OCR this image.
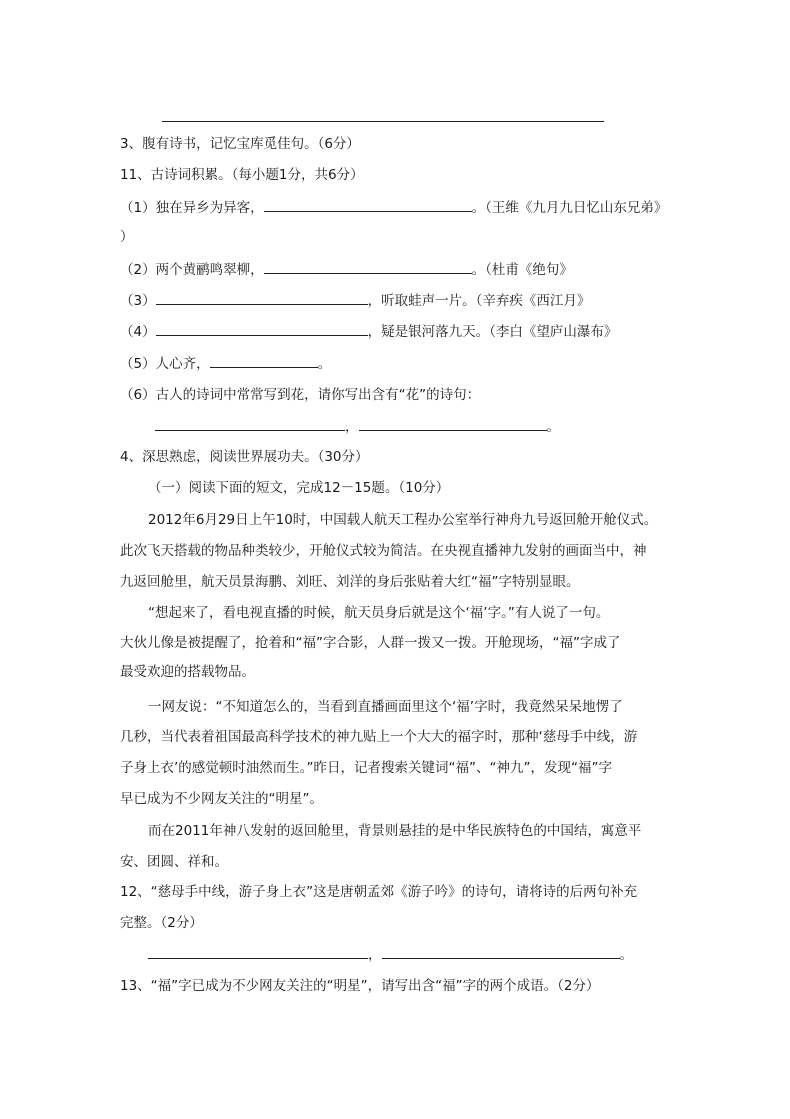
3、腹有诗书，记忆宝库觅佳句。（6分）
11、古诗词积累。（每小题1分，共6分）
（1）独在异乡为异客，	。（王维《九月九日忆山东兄弟》
）
（2）两个黄鹂鸣翠柳，	。（杜甫《绝句》
（3）	，听取蛙声一片。（辛弃疾《西江月》
（4）	，疑是银河落九天。（李白《望庐山瀑布》
（5）人心齐，	。
（6）古人的诗词中常常写到花，请你写出含有“花”的诗句：
，	。
4、深思熟虑，阅读世界展功夫。（30分）
（一）阅读下面的短文，完成12－15题。（10分）
2012年6月29日上午10时，中国载人航天工程办公室举行神舟九号返回舱开舱仪式。
此次飞天搭载的物品种类较少，开舱仪式较为简洁。在央视直播神九发射的画面当中，神
九返回舱里，航天员景海鹏、刘旺、刘洋的身后张贴着大红“福”字特别显眼。
“想起来了，看电视直播的时候，航天员身后就是这个‘福’字。”有人说了一句。
大伙儿像是被提醒了，抢着和“福”字合影，人群一拨又一拨。开舱现场，“福”字成了
最受欢迎的搭载物品。
一网友说：“不知道怎么的，当看到直播画面里这个‘福’字时，我竟然呆呆地愣了
几秒，当代表着祖国最高科学技术的神九贴上一个大大的福字时，那种‘慈母手中线，游
子身上衣’的感觉顿时油然而生。”昨日，记者搜索关键词“福”、“神九”，发现“福”字
早已成为不少网友关注的“明星”。
而在2011年神八发射的返回舱里，背景则悬挂的是中华民族特色的中国结，寓意平
安、团圆、祥和。
12、“慈母手中线，游子身上衣”这是唐朝孟郊《游子吟》的诗句，请将诗的后两句补充
完整。（2分）
，	。
13、“福”字已成为不少网友关注的“明星”，请写出含“福”字的两个成语。（2分）
